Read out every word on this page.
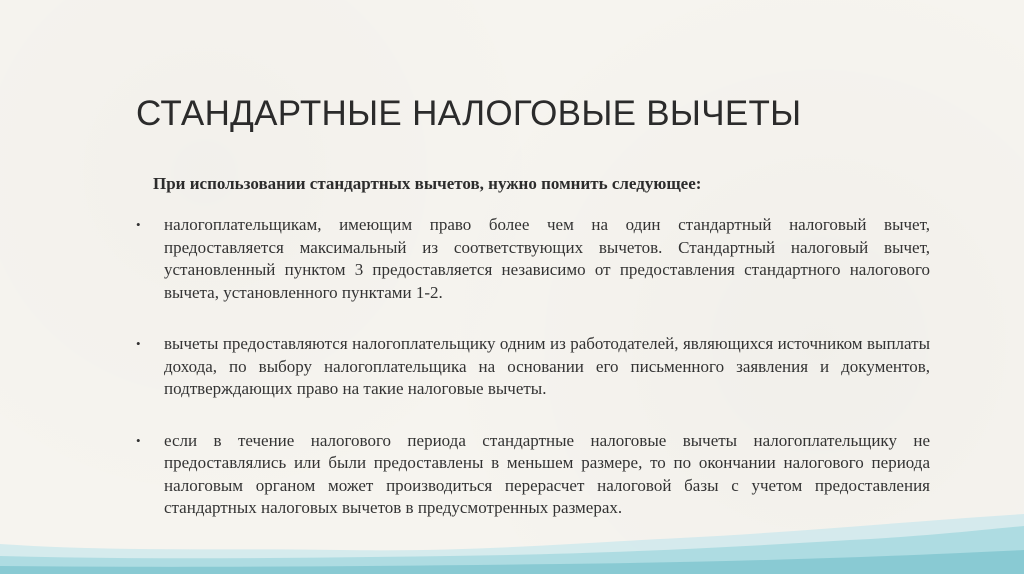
СТАНДАРТНЫЕ НАЛОГОВЫЕ ВЫЧЕТЫ

При использовании стандартных вычетов, нужно помнить следующее:

• налогоплательщикам, имеющим право более чем на один стандартный налоговый вычет, предоставляется максимальный из соответствующих вычетов. Стандартный налоговый вычет, установленный пунктом 3 предоставляется независимо от предоставления стандартного налогового вычета, установленного пунктами 1-2.
• вычеты предоставляются налогоплательщику одним из работодателей, являющихся источником выплаты дохода, по выбору налогоплательщика на основании его письменного заявления и документов, подтверждающих право на такие налоговые вычеты.
• если в течение налогового периода стандартные налоговые вычеты налогоплательщику не предоставлялись или были предоставлены в меньшем размере, то по окончании налогового периода налоговым органом может производиться перерасчет налоговой базы с учетом предоставления стандартных налоговых вычетов в предусмотренных размерах.
